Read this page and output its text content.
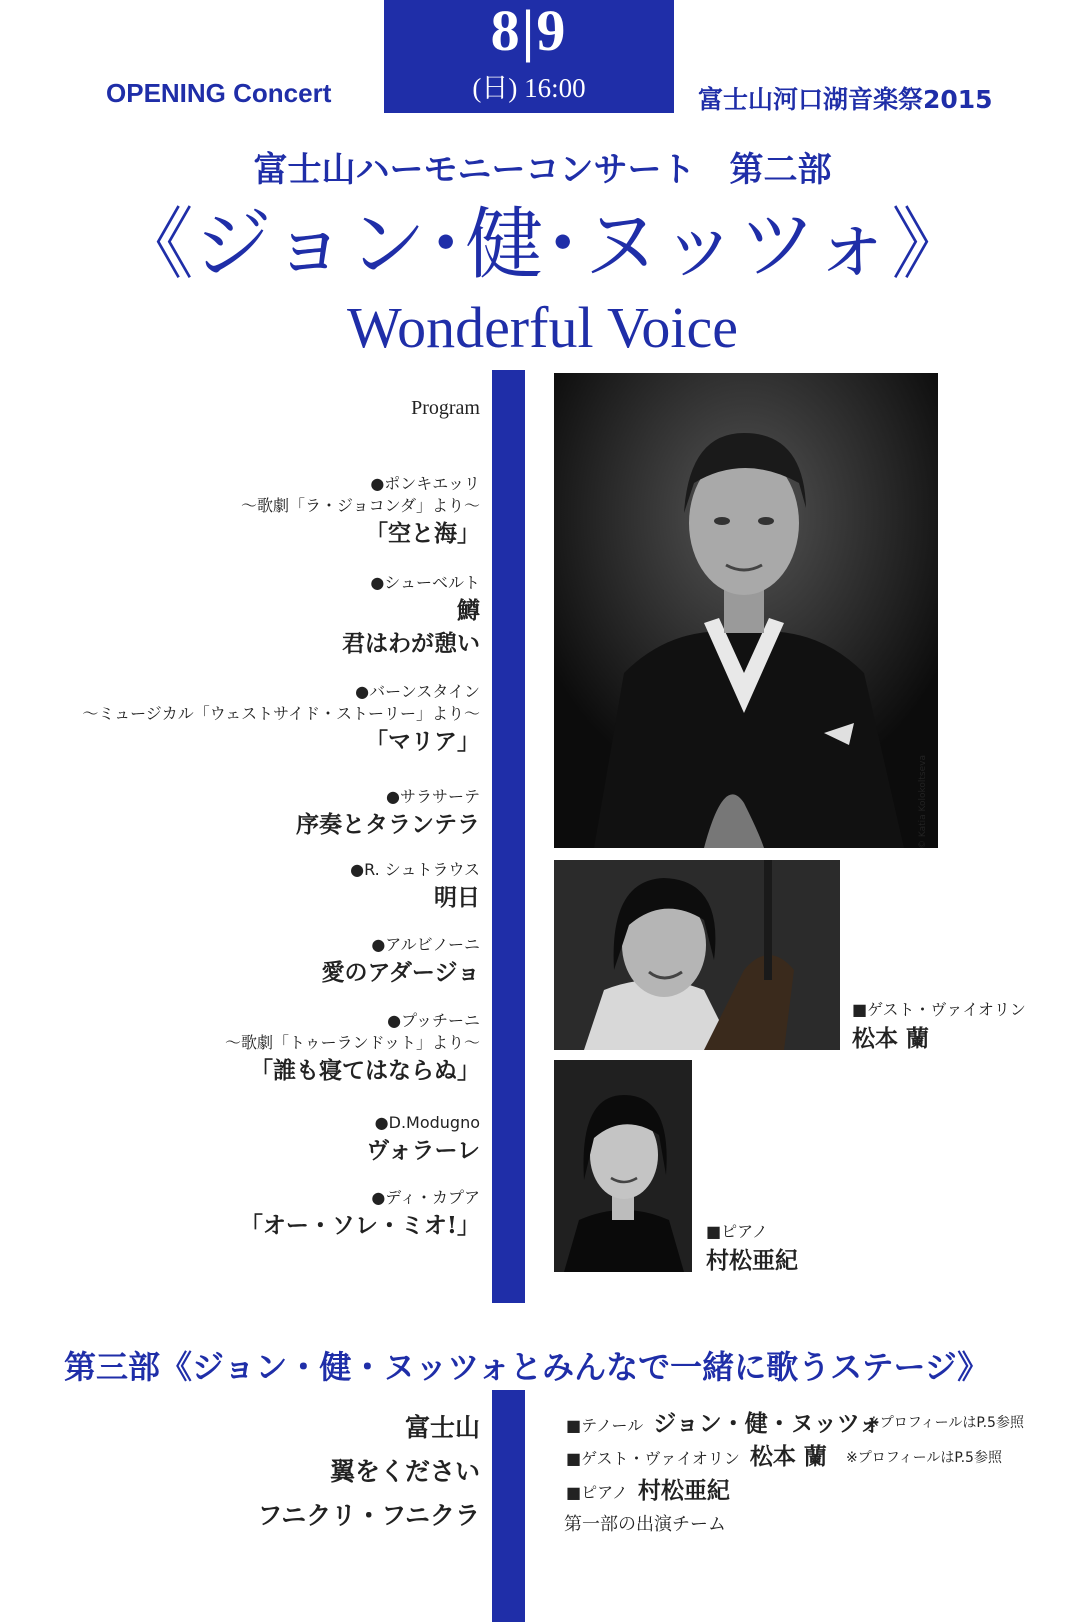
8|9
(日) 16:00
OPENING Concert	富士山河口湖音楽祭2015
富士山ハーモニーコンサート　第二部
《ジョン･健･ヌッツォ》
Wonderful Voice
Program
●ポンキエッリ
～歌劇「ラ・ジョコンダ」より～
「空と海」
●シューベルト
鱒
君はわが憩い
●バーンスタイン
～ミュージカル「ウェストサイド・ストーリー」より～
「マリア」
●サラサーテ
序奏とタランテラ
●R. シュトラウス
明日
●アルビノーニ
愛のアダージョ
●プッチーニ
～歌劇「トゥーランドット」より～
「誰も寝てはならぬ」
●D.Modugno
ヴォラーレ
●ディ・カプア
「オー・ソレ・ミオ!」
© Katia Kolokoltseva
■ゲスト・ヴァイオリン
松本 蘭
■ピアノ
村松亜紀
第三部《ジョン・健・ヌッツォとみんなで一緒に歌うステージ》
富士山
翼をください
フニクリ・フニクラ
■テノール ジョン・健・ヌッツォ
※プロフィールはP.5参照
■ゲスト・ヴァイオリン 松本 蘭 ※プロフィールはP.5参照
■ピアノ 村松亜紀
第一部の出演チーム
